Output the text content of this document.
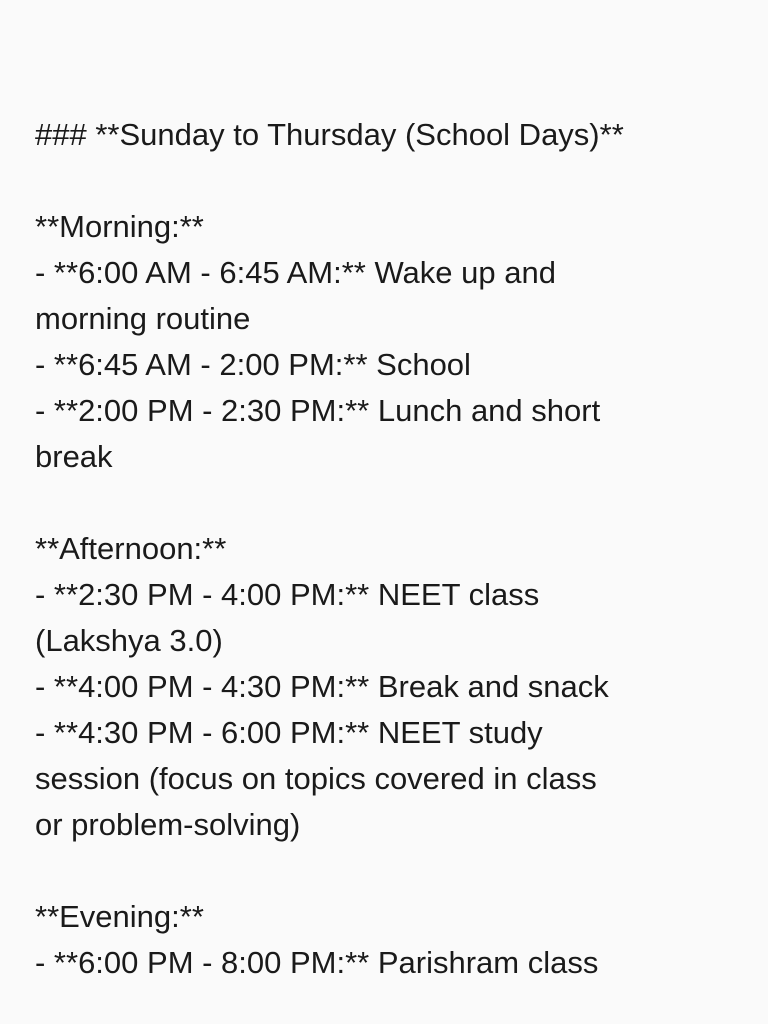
### **Sunday to Thursday (School Days)**
**Morning:**
- **6:00 AM - 6:45 AM:** Wake up and
morning routine
- **6:45 AM - 2:00 PM:** School
- **2:00 PM - 2:30 PM:** Lunch and short
break
**Afternoon:**
- **2:30 PM - 4:00 PM:** NEET class
(Lakshya 3.0)
- **4:00 PM - 4:30 PM:** Break and snack
- **4:30 PM - 6:00 PM:** NEET study
session (focus on topics covered in class
or problem-solving)
**Evening:**
- **6:00 PM - 8:00 PM:** Parishram class
